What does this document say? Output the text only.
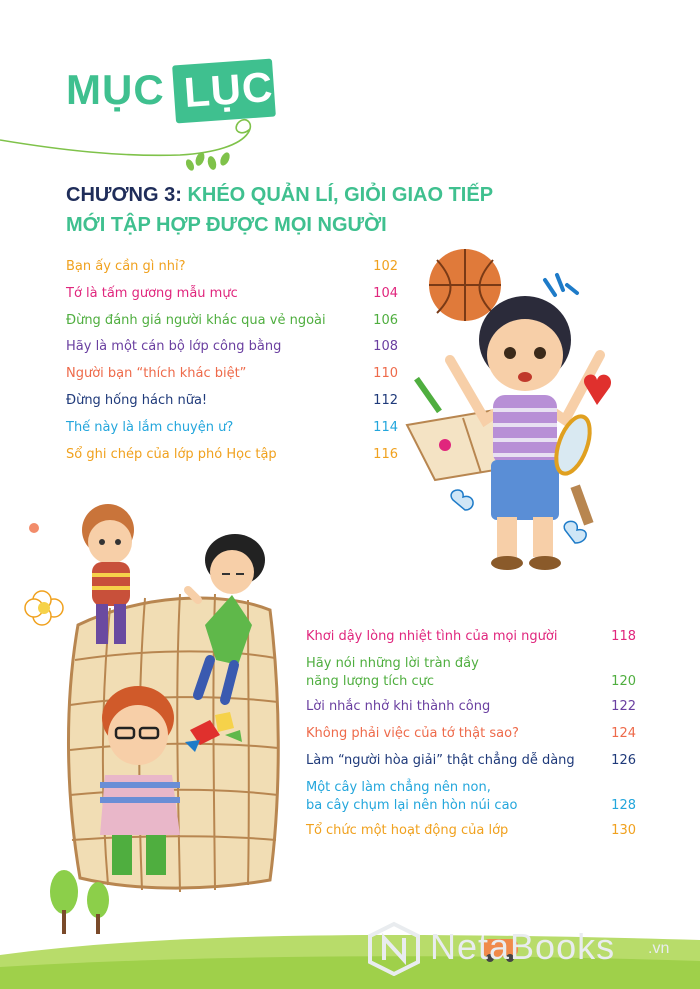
MỤC LỤC
CHƯƠNG 3: KHÉO QUẢN LÍ, GIỎI GIAO TIẾP
MỚI TẬP HỢP ĐƯỢC MỌI NGƯỜI
Bạn ấy cần gì nhỉ?	102
Tớ là tấm gương mẫu mực	104
Đừng đánh giá người khác qua vẻ ngoài	106
Hãy là một cán bộ lớp công bằng	108
Người bạn “thích khác biệt”	110
Đừng hống hách nữa!	112
Thế này là lắm chuyện ư?	114
Sổ ghi chép của lớp phó Học tập	116
Khơi dậy lòng nhiệt tình của mọi người	118
Hãy nói những lời tràn đầy
năng lượng tích cực	120
Lời nhắc nhở khi thành công	122
Không phải việc của tớ thật sao?	124
Làm “người hòa giải” thật chẳng dễ dàng	126
Một cây làm chẳng nên non,
ba cây chụm lại nên hòn núi cao	128
Tổ chức một hoạt động của lớp	130
NetaBooks .vn
